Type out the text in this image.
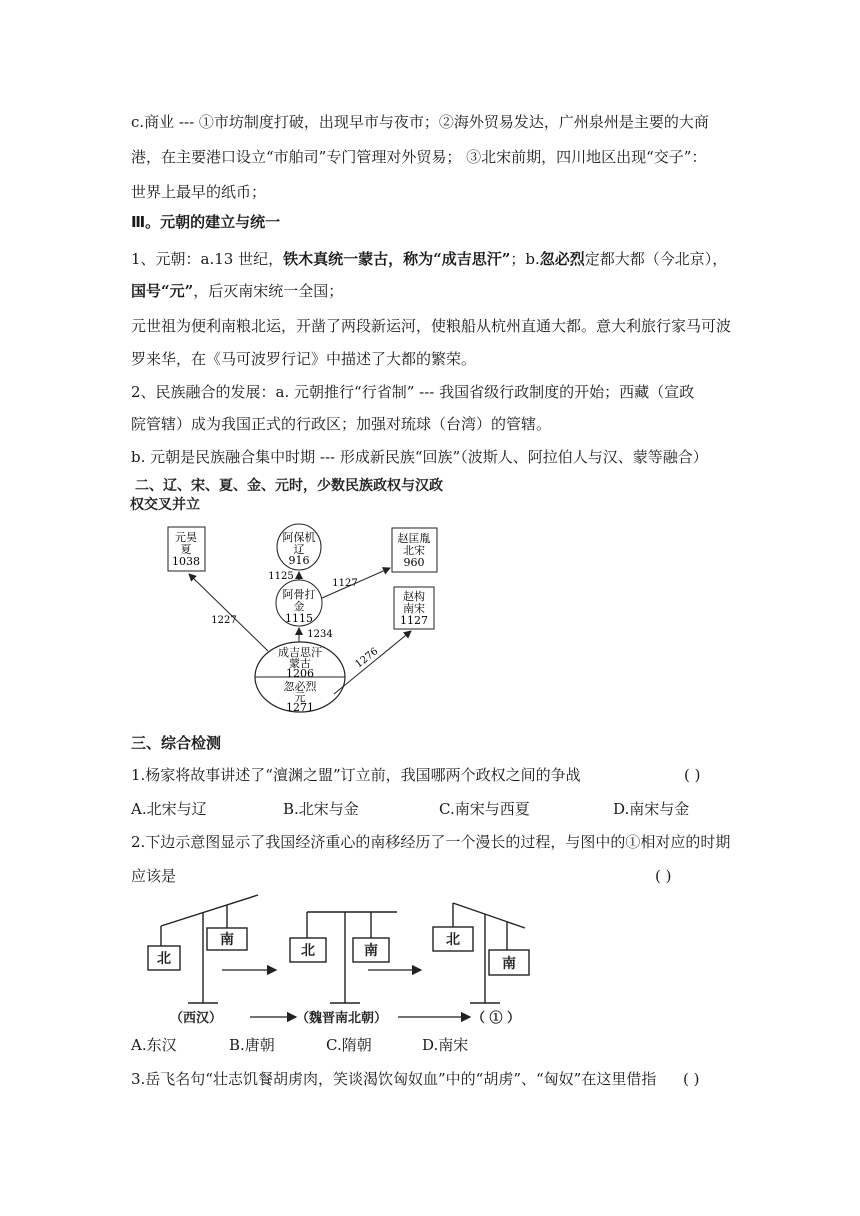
c.商业 --- ①市坊制度打破，出现早市与夜市；②海外贸易发达，广州泉州是主要的大商
港，在主要港口设立“市舶司”专门管理对外贸易； ③北宋前期，四川地区出现“交子”：
世界上最早的纸币；
Ⅲ。元朝的建立与统一
1、元朝：a.13 世纪，铁木真统一蒙古，称为“成吉思汗”；b.忽必烈定都大都（今北京），
国号“元”，后灭南宋统一全国；
元世祖为便利南粮北运，开凿了两段新运河，使粮船从杭州直通大都。意大利旅行家马可波
罗来华，在《马可波罗行记》中描述了大都的繁荣。
2、民族融合的发展：a. 元朝推行“行省制” --- 我国省级行政制度的开始；西藏（宣政
院管辖）成为我国正式的行政区；加强对琉球（台湾）的管辖。
b. 元朝是民族融合集中时期 --- 形成新民族“回族”（波斯人、阿拉伯人与汉、蒙等融合）
二、辽、宋、夏、金、元时，少数民族政权与汉政
权交叉并立
元昊
夏
1038
阿保机
辽
916
赵匡胤
北宋
960
阿骨打
金
1115
赵构
南宋
1127
成吉思汗
蒙古
1206
忽必烈
元
1271
1125
1127
1227
1234
1276
三、综合检测
1.杨家将故事讲述了“澶渊之盟”订立前，我国哪两个政权之间的争战	( )
A.北宋与辽	B.北宋与金	C.南宋与西夏	D.南宋与金
2.下边示意图显示了我国经济重心的南移经历了一个漫长的过程，与图中的①相对应的时期
应该是	( )
北
南
北	南
北
南
（西汉）	（魏晋南北朝）	（ ① ）
A.东汉	B.唐朝	C.隋朝	D.南宋
3.岳飞名句“壮志饥餐胡虏肉，笑谈渴饮匈奴血”中的“胡虏”、“匈奴”在这里借指 ( )
